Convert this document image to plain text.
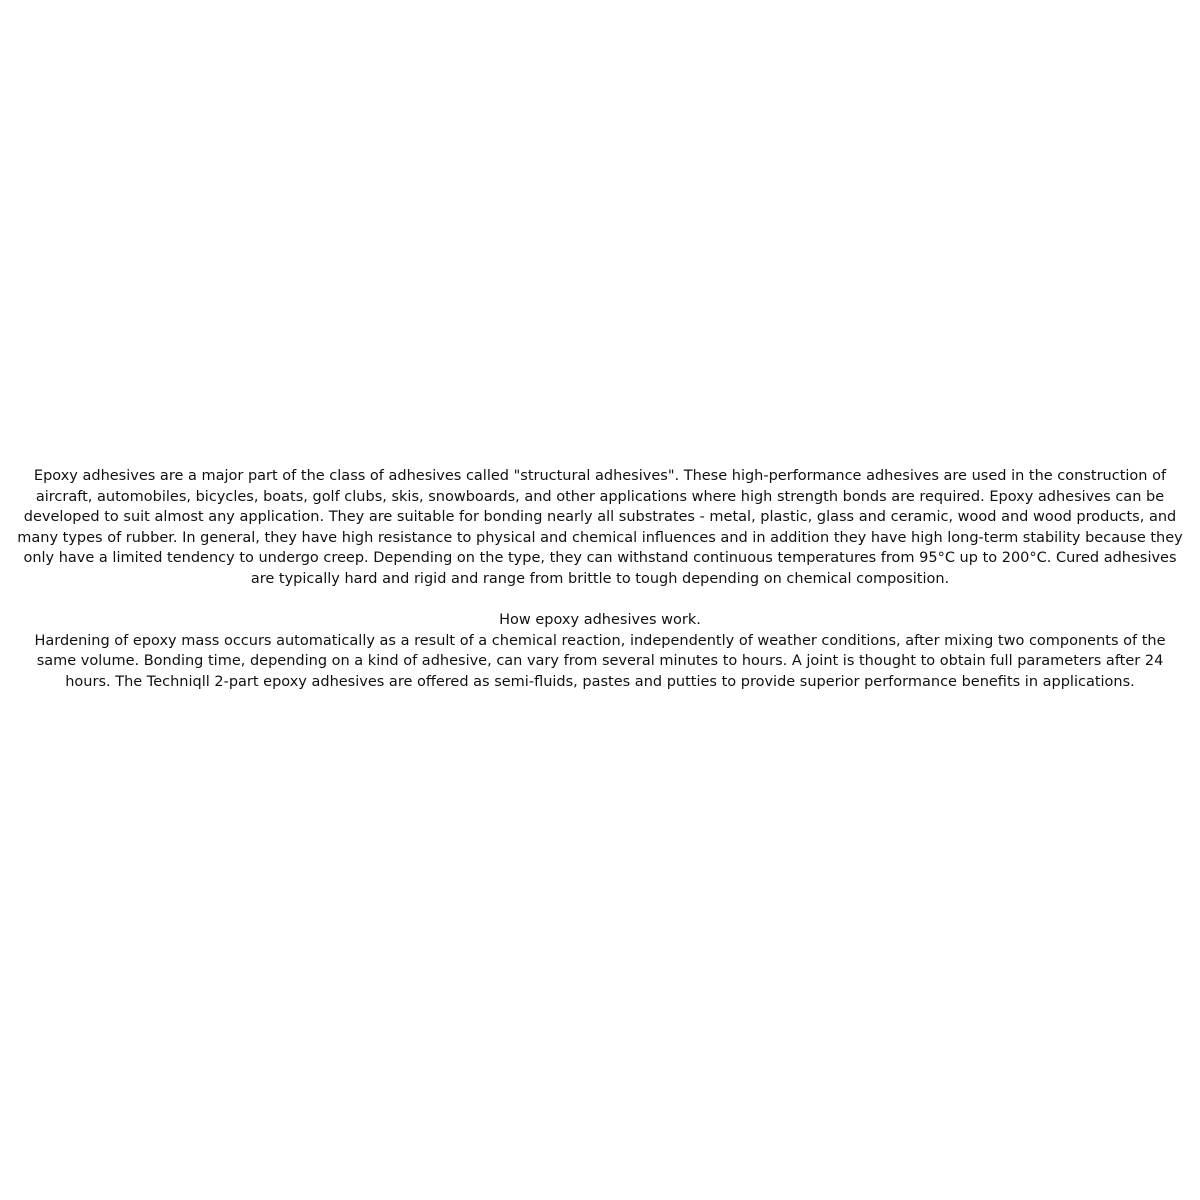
Epoxy adhesives are a major part of the class of adhesives called "structural adhesives". These high-performance adhesives are used in the construction of aircraft, automobiles, bicycles, boats, golf clubs, skis, snowboards, and other applications where high strength bonds are required. Epoxy adhesives can be developed to suit almost any application. They are suitable for bonding nearly all substrates - metal, plastic, glass and ceramic, wood and wood products, and many types of rubber. In general, they have high resistance to physical and chemical influences and in addition they have high long-term stability because they only have a limited tendency to undergo creep. Depending on the type, they can withstand continuous temperatures from 95°C up to 200°C. Cured adhesives are typically hard and rigid and range from brittle to tough depending on chemical composition.

How epoxy adhesives work.

Hardening of epoxy mass occurs automatically as a result of a chemical reaction, independently of weather conditions, after mixing two components of the same volume. Bonding time, depending on a kind of adhesive, can vary from several minutes to hours. A joint is thought to obtain full parameters after 24 hours. The Techniqll 2-part epoxy adhesives are offered as semi-fluids, pastes and putties to provide superior performance benefits in applications.
